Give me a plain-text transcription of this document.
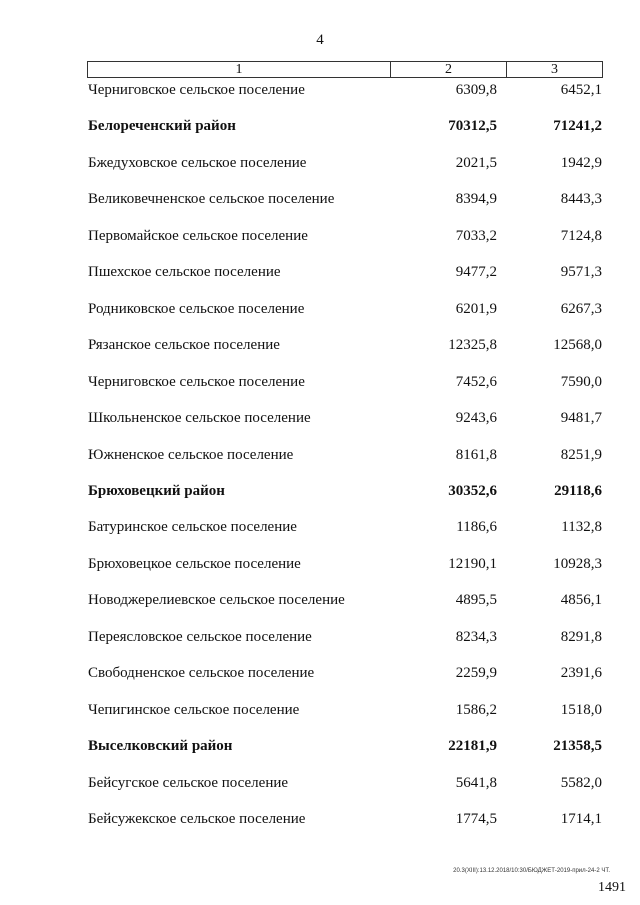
4
1	2	3
Черниговское сельское поселение	6309,8	6452,1
Белореченский район	70312,5	71241,2
Бжедуховское сельское поселение	2021,5	1942,9
Великовечненское сельское поселение	8394,9	8443,3
Первомайское сельское поселение	7033,2	7124,8
Пшехское сельское поселение	9477,2	9571,3
Родниковское сельское поселение	6201,9	6267,3
Рязанское сельское поселение	12325,8	12568,0
Черниговское сельское поселение	7452,6	7590,0
Школьненское сельское поселение	9243,6	9481,7
Южненское сельское поселение	8161,8	8251,9
Брюховецкий район	30352,6	29118,6
Батуринское сельское поселение	1186,6	1132,8
Брюховецкое сельское поселение	12190,1	10928,3
Новоджерелиевское сельское поселение	4895,5	4856,1
Переясловское сельское поселение	8234,3	8291,8
Свободненское сельское поселение	2259,9	2391,6
Чепигинское сельское поселение	1586,2	1518,0
Выселковский район	22181,9	21358,5
Бейсугское сельское поселение	5641,8	5582,0
Бейсужекское сельское поселение	1774,5	1714,1
20.3(XIII):13.12.2018/10:30/БЮДЖЕТ-2019-прил-24-2 ЧТ.
1491
